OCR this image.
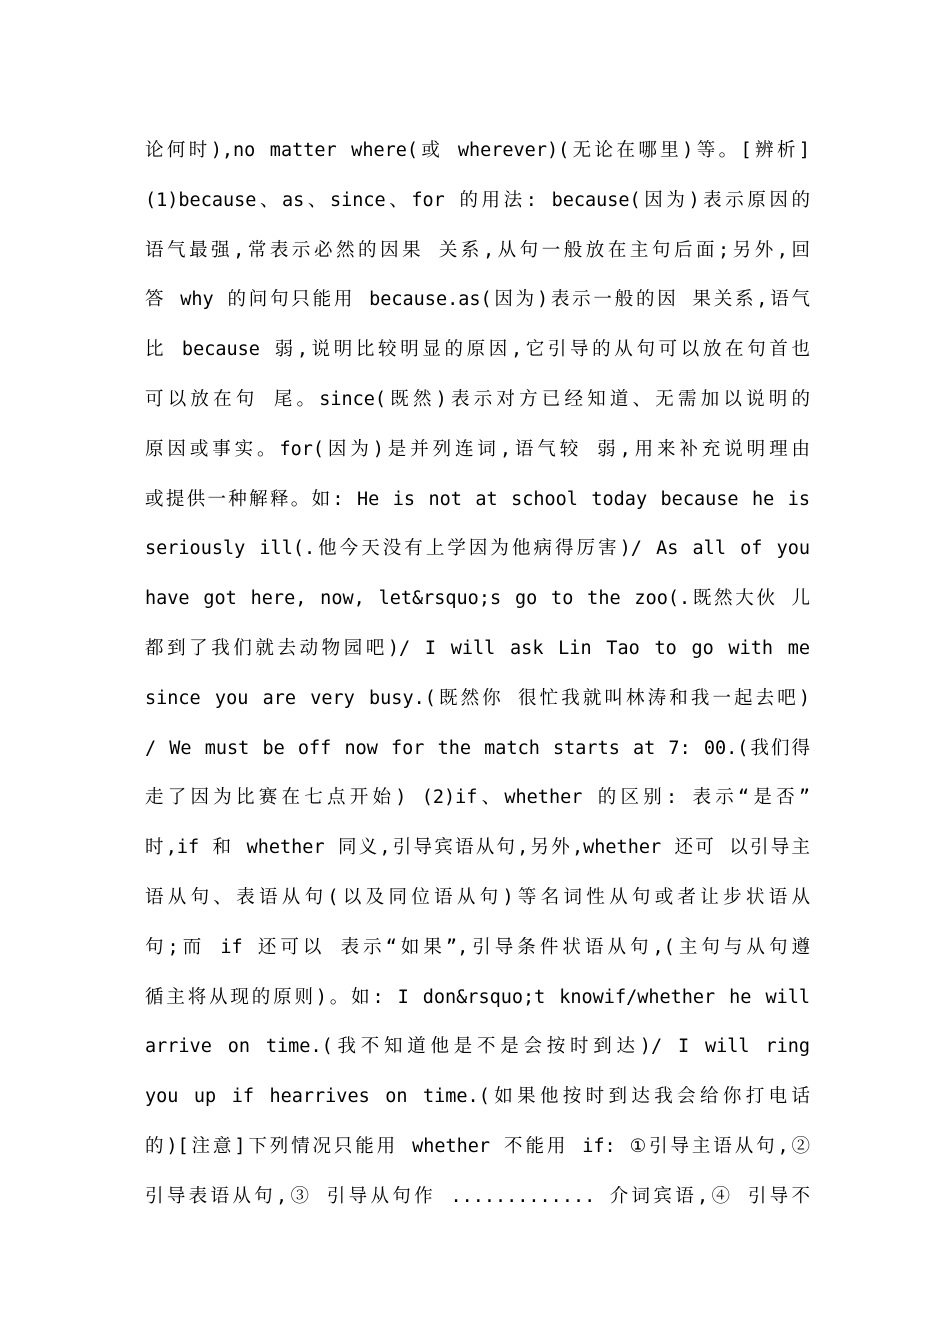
论何时),no matter where(或 wherever)(无论在哪里)等。[辨析]
(1)because、as、since、for 的用法: because(因为)表示原因的
语气最强,常表示必然的因果 关系,从句一般放在主句后面;另外,回
答 why 的问句只能用 because.as(因为)表示一般的因 果关系,语气
比 because 弱,说明比较明显的原因,它引导的从句可以放在句首也
可以放在句 尾。since(既然)表示对方已经知道、无需加以说明的
原因或事实。for(因为)是并列连词,语气较 弱,用来补充说明理由
或提供一种解释。如: He is not at school today because he is
seriously ill(.他今天没有上学因为他病得厉害)/ As all of you
have got here, now, let&rsquo;s go to the zoo(.既然大伙 儿
都到了我们就去动物园吧)/ I will ask Lin Tao to go with me
since you are very busy.(既然你 很忙我就叫林涛和我一起去吧)
/ We must be off now for the match starts at 7: 00.(我们得
走了因为比赛在七点开始) (2)if、whether 的区别: 表示“是否”
时,if 和 whether 同义,引导宾语从句,另外,whether 还可 以引导主
语从句、表语从句(以及同位语从句)等名词性从句或者让步状语从
句;而 if 还可以 表示“如果”,引导条件状语从句,(主句与从句遵
循主将从现的原则)。如: I don&rsquo;t knowif/whether he will
arrive on time.(我不知道他是不是会按时到达)/ I will ring
you up if hearrives on time.(如果他按时到达我会给你打电话
的)[注意]下列情况只能用 whether 不能用 if: ①引导主语从句,②
引导表语从句,③ 引导从句作 ............. 介词宾语,④ 引导不
